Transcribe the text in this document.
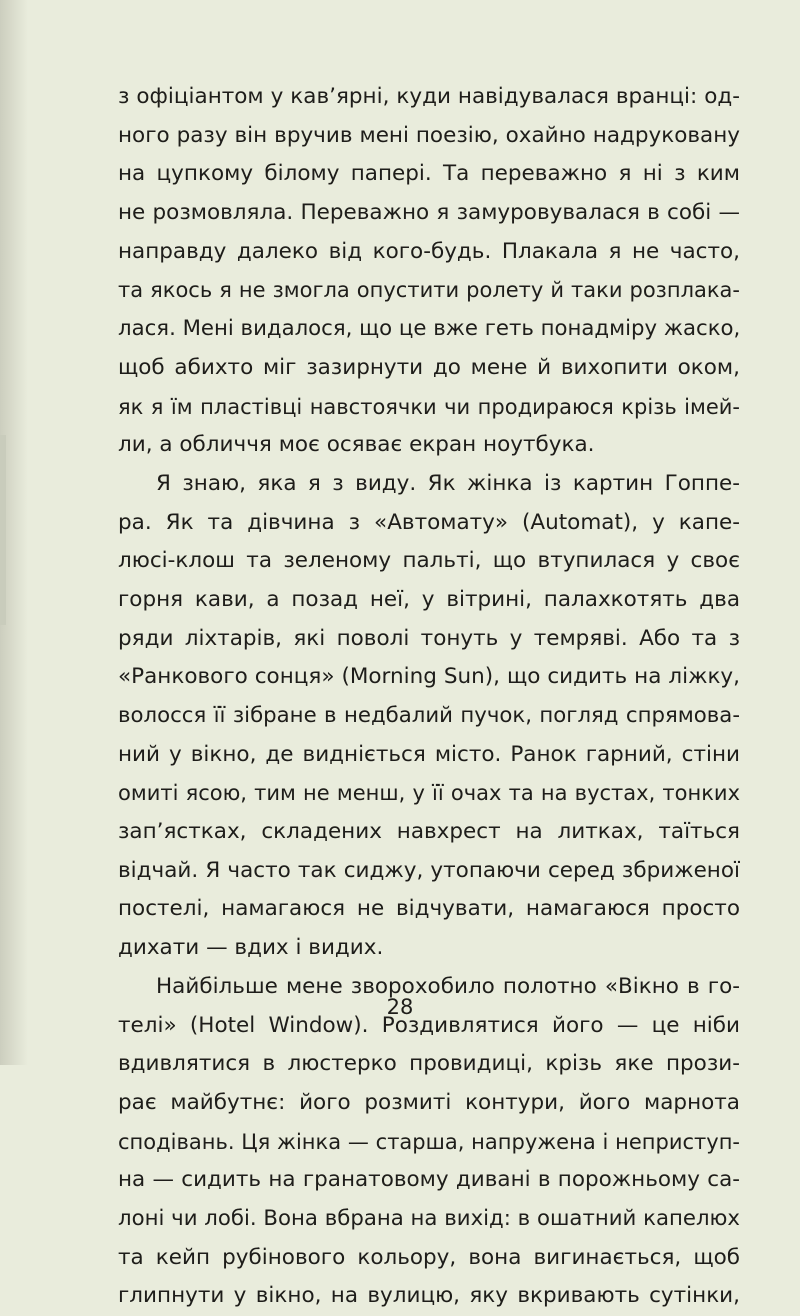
з офіціантом у кав’ярні, куди навідувалася вранці: од-
ного разу він вручив мені поезію, охайно надруковану
на цупкому білому папері. Та переважно я ні з ким
не розмовляла. Переважно я замуровувалася в собі —
направду далеко від кого-будь. Плакала я не часто,
та якось я не змогла опустити ролету й таки розплака-
лася. Мені видалося, що це вже геть понадміру жаско,
щоб абихто міг зазирнути до мене й вихопити оком,
як я їм пластівці навстоячки чи продираюся крізь імей-
ли, а обличчя моє осяває екран ноутбука.
Я знаю, яка я з виду. Як жінка із картин Гоппе-
ра. Як та дівчина з «Автомату» (Automat), у капе-
люсі-клош та зеленому пальті, що втупилася у своє
горня кави, а позад неї, у вітрині, палахкотять два
ряди ліхтарів, які поволі тонуть у темряві. Або та з
«Ранкового сонця» (Morning Sun), що сидить на ліжку,
волосся її зібране в недбалий пучок, погляд спрямова-
ний у вікно, де видніється місто. Ранок гарний, стіни
омиті ясою, тим не менш, у її очах та на вустах, тонких
зап’ястках, складених навхрест на литках, таїться
відчай. Я часто так сиджу, утопаючи серед збриженої
постелі, намагаюся не відчувати, намагаюся просто
дихати — вдих і видих.
Найбільше мене зворохобило полотно «Вікно в го-
телі» (Hotel Window). Роздивлятися його — це ніби
вдивлятися в люстерко провидиці, крізь яке прози-
рає майбутнє: його розмиті контури, його марнота
сподівань. Ця жінка — старша, напружена і неприступ-
на — сидить на гранатовому дивані в порожньому са-
лоні чи лобі. Вона вбрана на вихід: в ошатний капелюх
та кейп рубінового кольору, вона вигинається, щоб
глипнути у вікно, на вулицю, яку вкривають сутінки,
28
